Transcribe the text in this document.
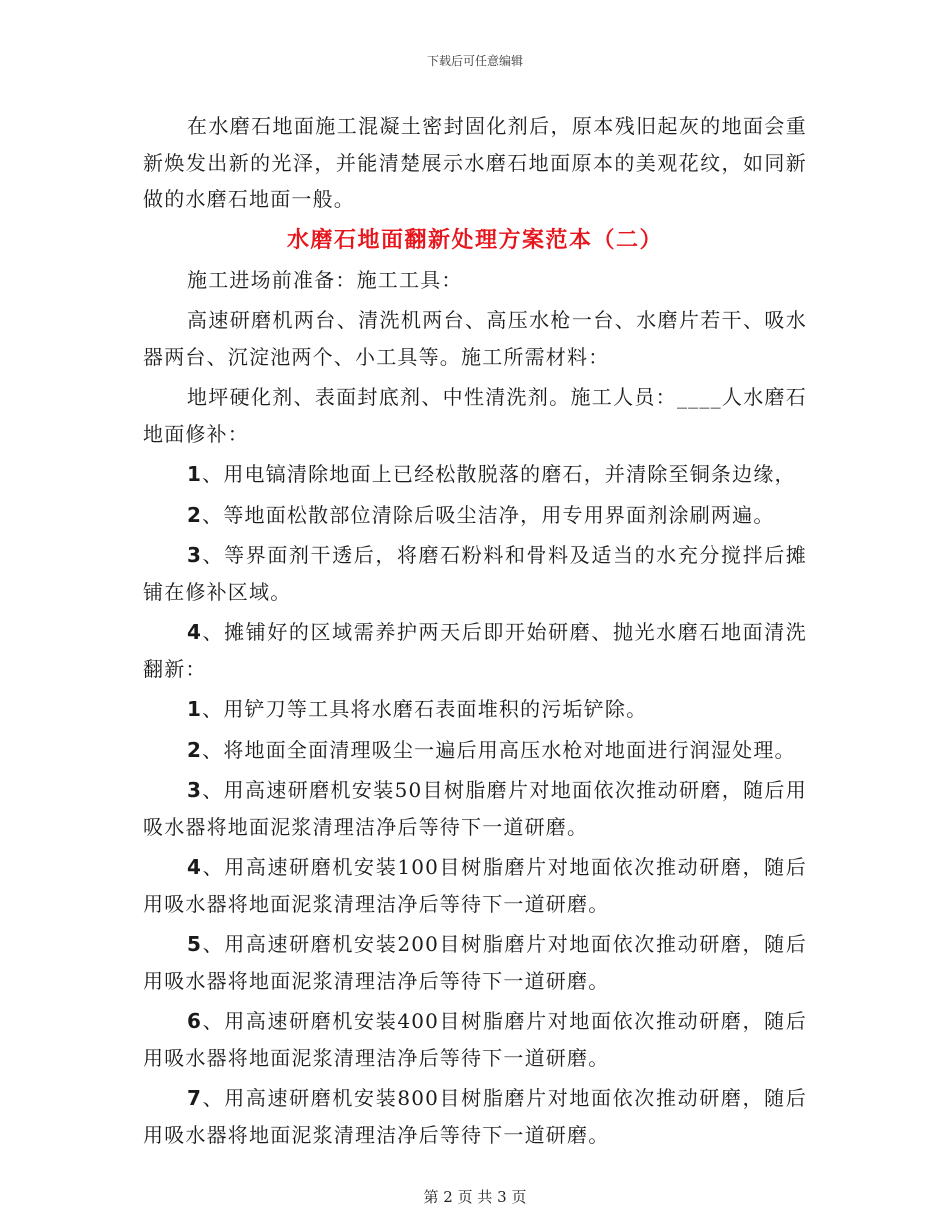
下载后可任意编辑

在水磨石地面施工混凝土密封固化剂后，原本残旧起灰的地面会重新焕发出新的光泽，并能清楚展示水磨石地面原本的美观花纹，如同新做的水磨石地面一般。

水磨石地面翻新处理方案范本（二）

施工进场前准备：施工工具：

高速研磨机两台、清洗机两台、高压水枪一台、水磨片若干、吸水器两台、沉淀池两个、小工具等。施工所需材料：

地坪硬化剂、表面封底剂、中性清洗剂。施工人员：____人水磨石地面修补：

1、用电镐清除地面上已经松散脱落的磨石，并清除至铜条边缘，

2、等地面松散部位清除后吸尘洁净，用专用界面剂涂刷两遍。

3、等界面剂干透后，将磨石粉料和骨料及适当的水充分搅拌后摊铺在修补区域。

4、摊铺好的区域需养护两天后即开始研磨、抛光水磨石地面清洗翻新：

1、用铲刀等工具将水磨石表面堆积的污垢铲除。

2、将地面全面清理吸尘一遍后用高压水枪对地面进行润湿处理。

3、用高速研磨机安装50目树脂磨片对地面依次推动研磨，随后用吸水器将地面泥浆清理洁净后等待下一道研磨。

4、用高速研磨机安装100目树脂磨片对地面依次推动研磨，随后用吸水器将地面泥浆清理洁净后等待下一道研磨。

5、用高速研磨机安装200目树脂磨片对地面依次推动研磨，随后用吸水器将地面泥浆清理洁净后等待下一道研磨。

6、用高速研磨机安装400目树脂磨片对地面依次推动研磨，随后用吸水器将地面泥浆清理洁净后等待下一道研磨。

7、用高速研磨机安装800目树脂磨片对地面依次推动研磨，随后用吸水器将地面泥浆清理洁净后等待下一道研磨。

第 2 页 共 3 页
